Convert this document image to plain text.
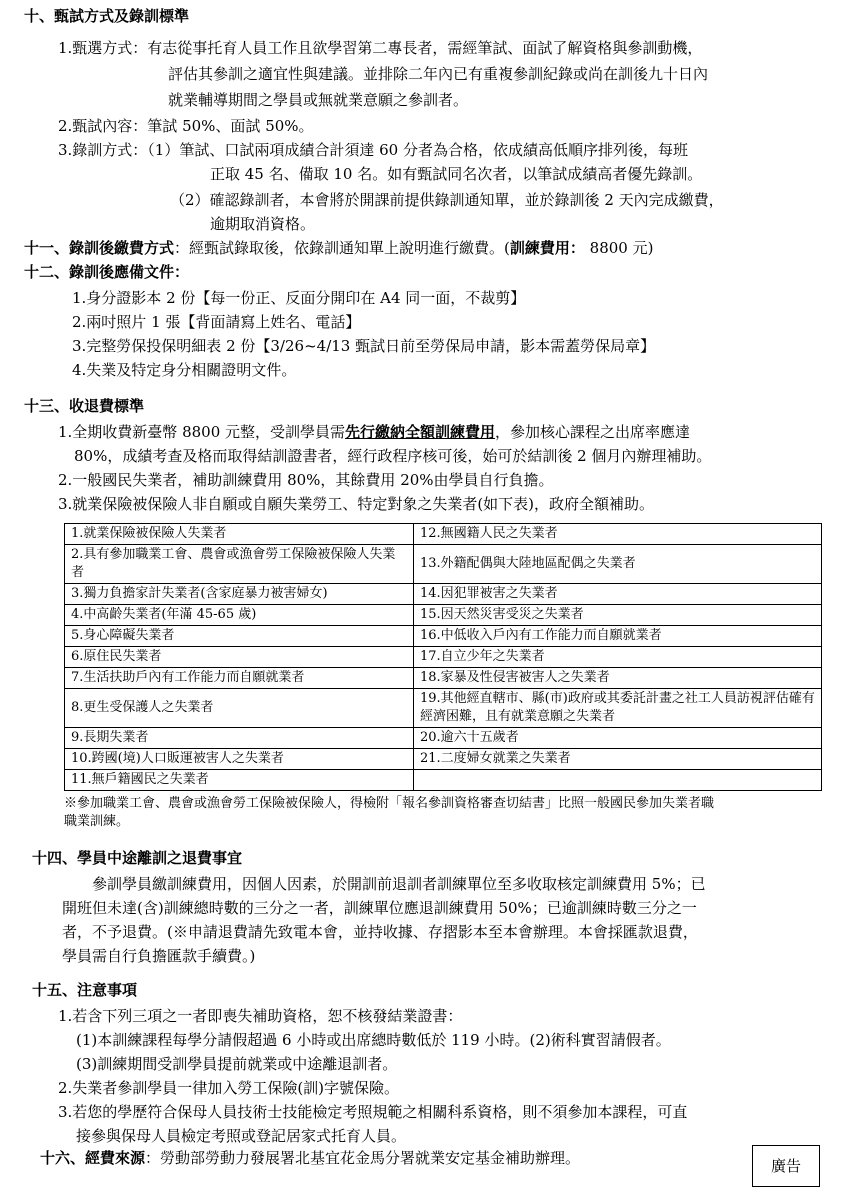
十、甄試方式及錄訓標準
1.甄選方式：有志從事托育人員工作且欲學習第二專長者，需經筆試、面試了解資格與參訓動機，
評估其參訓之適宜性與建議。並排除二年內已有重複參訓紀錄或尚在訓後九十日內
就業輔導期間之學員或無就業意願之參訓者。
2.甄試內容：筆試 50%、面試 50%。
3.錄訓方式：（1）筆試、口試兩項成績合計須達 60 分者為合格，依成績高低順序排列後，每班
正取 45 名、備取 10 名。如有甄試同名次者，以筆試成績高者優先錄訓。
（2）確認錄訓者，本會將於開課前提供錄訓通知單，並於錄訓後 2 天內完成繳費，
逾期取消資格。
十一、錄訓後繳費方式：經甄試錄取後，依錄訓通知單上說明進行繳費。(訓練費用： 8800 元)
十二、錄訓後應備文件：
1.身分證影本 2 份【每一份正、反面分開印在 A4 同一面，不裁剪】
2.兩吋照片 1 張【背面請寫上姓名、電話】
3.完整勞保投保明細表 2 份【3/26~4/13 甄試日前至勞保局申請，影本需蓋勞保局章】
4.失業及特定身分相關證明文件。
十三、收退費標準
1.全期收費新臺幣 8800 元整，受訓學員需先行繳納全額訓練費用，參加核心課程之出席率應達
80%，成績考查及格而取得結訓證書者，經行政程序核可後，始可於結訓後 2 個月內辦理補助。
2.一般國民失業者，補助訓練費用 80%，其餘費用 20%由學員自行負擔。
3.就業保險被保險人非自願或自願失業勞工、特定對象之失業者(如下表)，政府全額補助。
1.就業保險被保險人失業者	12.無國籍人民之失業者
2.具有參加職業工會、農會或漁會勞工保險被保險人失業者	13.外籍配偶與大陸地區配偶之失業者
3.獨力負擔家計失業者(含家庭暴力被害婦女)	14.因犯罪被害之失業者
4.中高齡失業者(年滿 45-65 歲)	15.因天然災害受災之失業者
5.身心障礙失業者	16.中低收入戶內有工作能力而自願就業者
6.原住民失業者	17.自立少年之失業者
7.生活扶助戶內有工作能力而自願就業者	18.家暴及性侵害被害人之失業者
8.更生受保護人之失業者	19.其他經直轄市、縣(市)政府或其委託計畫之社工人員訪視評估確有經濟困難，且有就業意願之失業者
9.長期失業者	20.逾六十五歲者
10.跨國(境)人口販運被害人之失業者	21.二度婦女就業之失業者
11.無戶籍國民之失業者	
※參加職業工會、農會或漁會勞工保險被保險人，得檢附「報名參訓資格審查切結書」比照一般國民參加失業者職
職業訓練。
十四、學員中途離訓之退費事宜
參訓學員繳訓練費用，因個人因素，於開訓前退訓者訓練單位至多收取核定訓練費用 5%；已
開班但未達(含)訓練總時數的三分之一者，訓練單位應退訓練費用 50%；已逾訓練時數三分之一
者，不予退費。(※申請退費請先致電本會，並持收據、存摺影本至本會辦理。本會採匯款退費，
學員需自行負擔匯款手續費。)
十五、注意事項
1.若含下列三項之一者即喪失補助資格，恕不核發結業證書：
(1)本訓練課程每學分請假超過 6 小時或出席總時數低於 119 小時。(2)術科實習請假者。
(3)訓練期間受訓學員提前就業或中途離退訓者。
2.失業者參訓學員一律加入勞工保險(訓)字號保險。
3.若您的學歷符合保母人員技術士技能檢定考照規範之相關科系資格，則不須參加本課程，可直
接參與保母人員檢定考照或登記居家式托育人員。
十六、經費來源：勞動部勞動力發展署北基宜花金馬分署就業安定基金補助辦理。	廣告
